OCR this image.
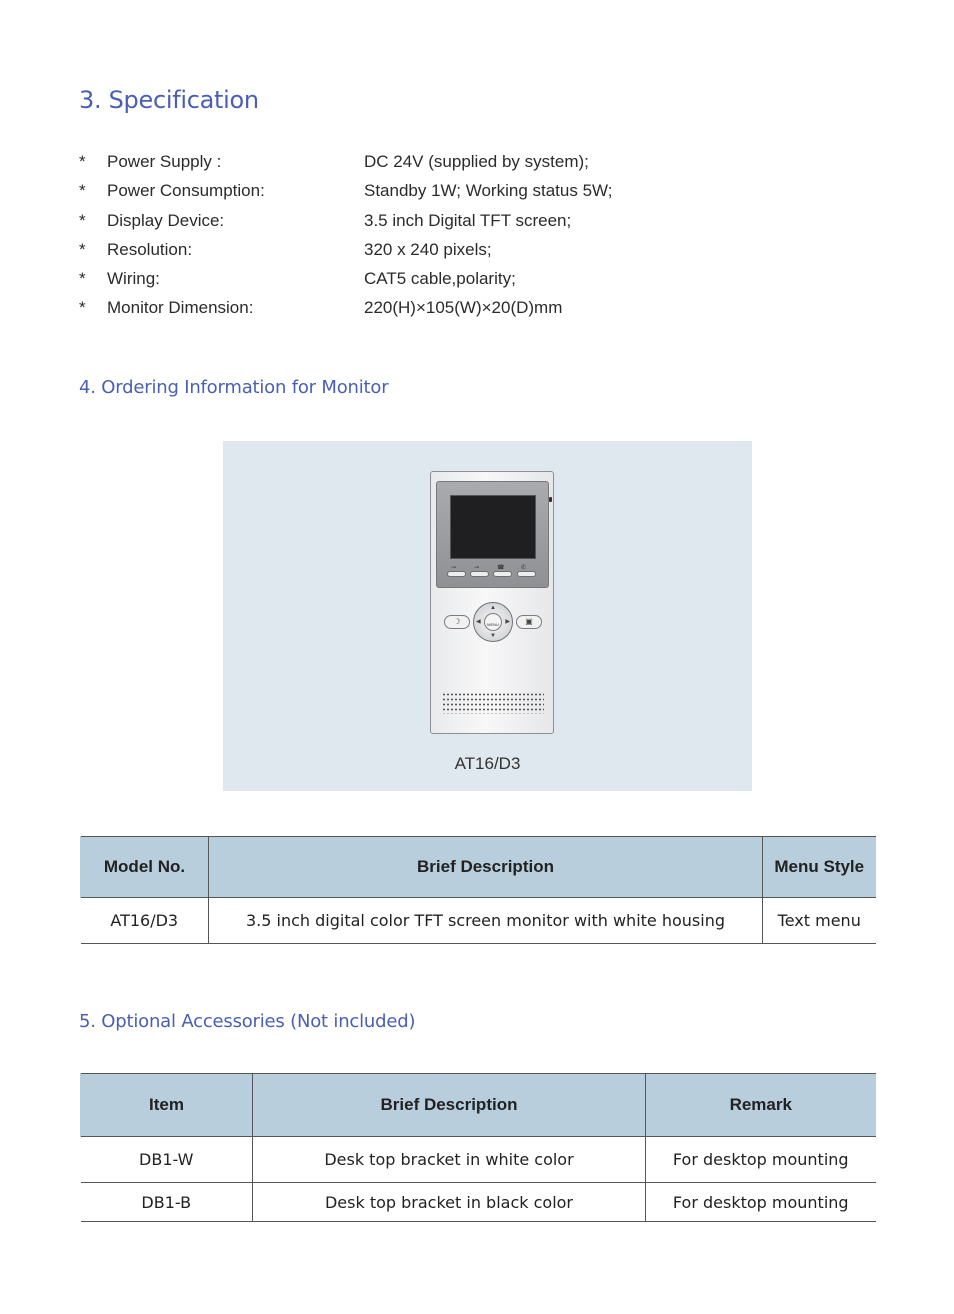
3. Specification
* Power Supply :	DC 24V (supplied by system);
* Power Consumption:	Standby 1W; Working status 5W;
* Display Device:	3.5 inch Digital TFT screen;
* Resolution:	320 x 240 pixels;
* Wiring:	CAT5 cable,polarity;
* Monitor Dimension:	220(H)×105(W)×20(D)mm
4. Ordering Information for Monitor
⊸	⊸	☎	✆
☽
▲
▼
◀	▶
MENU	▣
AT16/D3
Model No.	Brief Description	Menu Style
AT16/D3	3.5 inch digital color TFT screen monitor with white housing	Text menu
5. Optional Accessories (Not included)
Item	Brief Description	Remark
DB1-W	Desk top bracket in white color	For desktop mounting
DB1-B	Desk top bracket in black color	For desktop mounting
